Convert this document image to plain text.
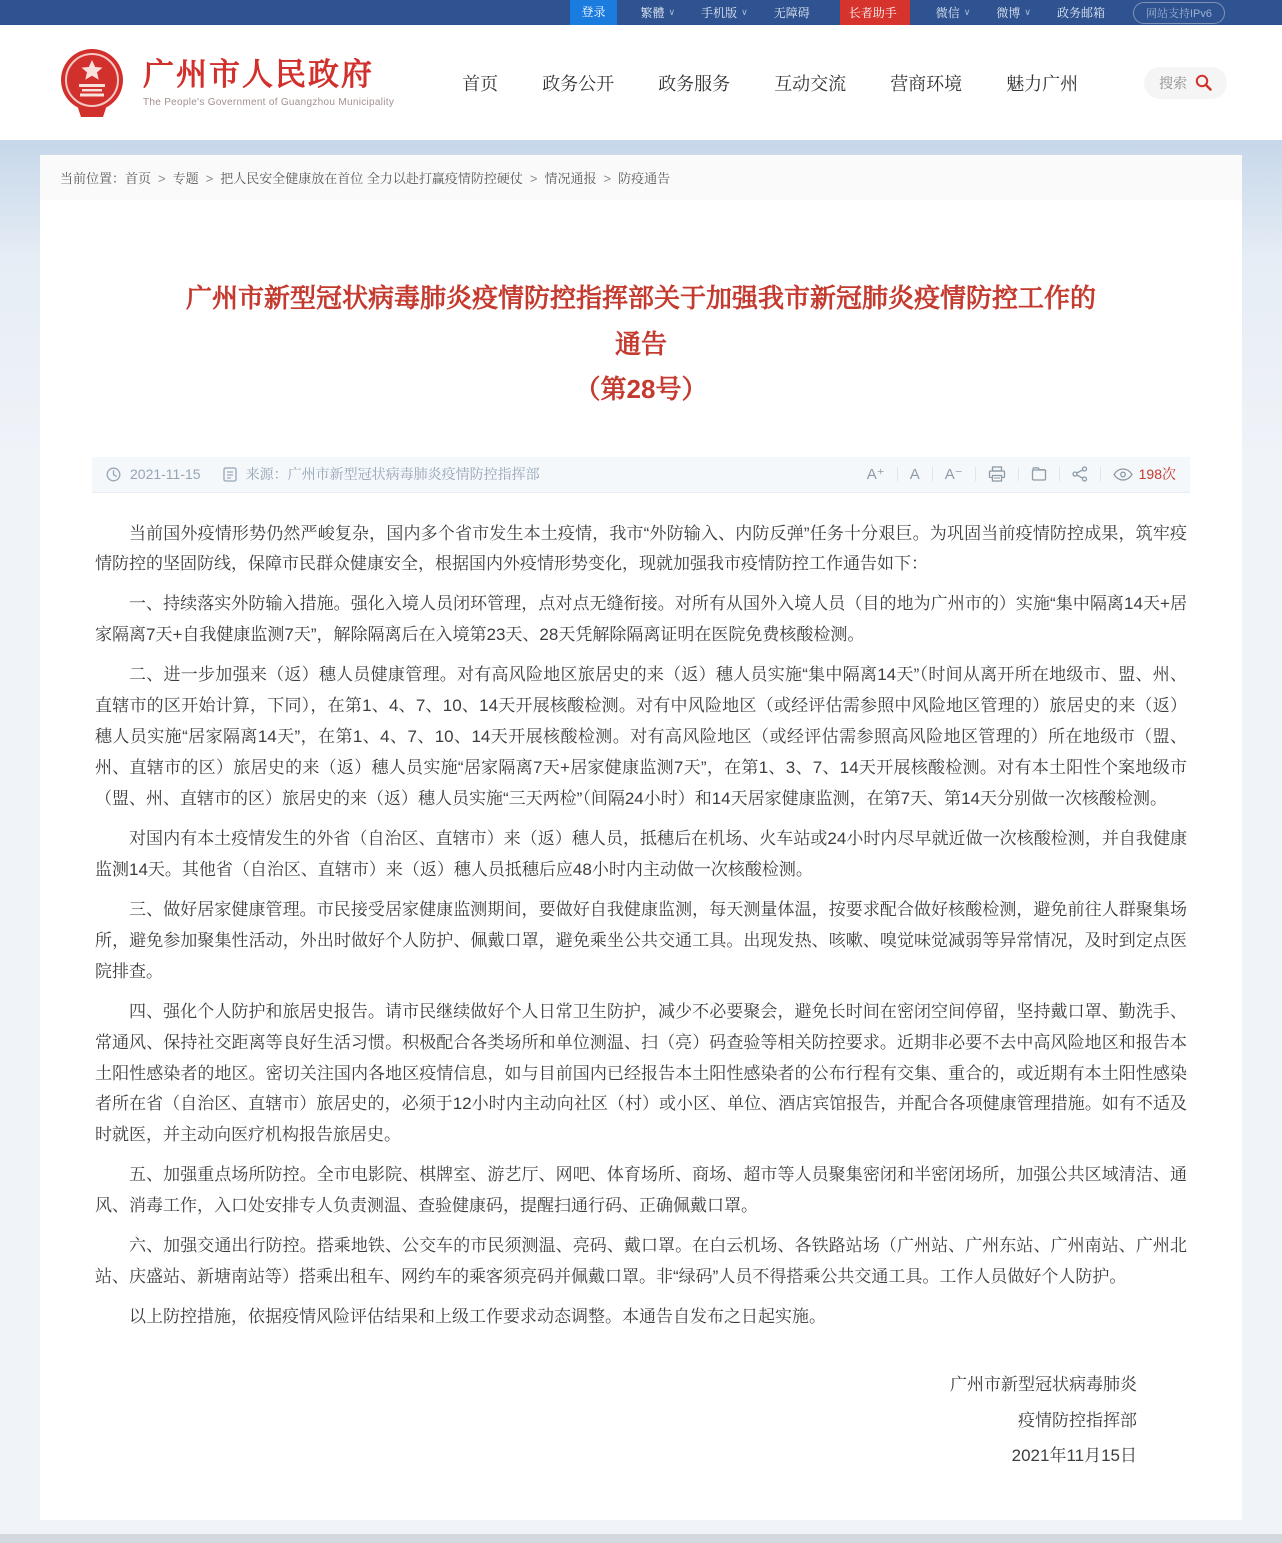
登录	繁體 ∨ 手机版 ∨ 无障碍	长者助手	微信 ∨ 微博 ∨ 政务邮箱	网站支持IPv6
广州市人民政府
The People's Government of Guangzhou Municipality
首页 政务公开 政务服务 互动交流 营商环境 魅力广州	搜索
当前位置：首页 > 专题 > 把人民安全健康放在首位 全力以赴打赢疫情防控硬仗 > 情况通报 > 防疫通告
广州市新型冠状病毒肺炎疫情防控指挥部关于加强我市新冠肺炎疫情防控工作的通告
（第28号）
2021-11-15	来源：广州市新型冠状病毒肺炎疫情防控指挥部	A⁺	A	A⁻	198次

当前国外疫情形势仍然严峻复杂，国内多个省市发生本土疫情，我市“外防输入、内防反弹”任务十分艰巨。为巩固当前疫情防控成果，筑牢疫情防控的坚固防线，保障市民群众健康安全，根据国内外疫情形势变化，现就加强我市疫情防控工作通告如下：

一、持续落实外防输入措施。强化入境人员闭环管理，点对点无缝衔接。对所有从国外入境人员（目的地为广州市的）实施“集中隔离14天+居家隔离7天+自我健康监测7天”，解除隔离后在入境第23天、28天凭解除隔离证明在医院免费核酸检测。

二、进一步加强来（返）穗人员健康管理。对有高风险地区旅居史的来（返）穗人员实施“集中隔离14天”（时间从离开所在地级市、盟、州、直辖市的区开始计算，下同），在第1、4、7、10、14天开展核酸检测。对有中风险地区（或经评估需参照中风险地区管理的）旅居史的来（返）穗人员实施“居家隔离14天”，在第1、4、7、10、14天开展核酸检测。对有高风险地区（或经评估需参照高风险地区管理的）所在地级市（盟、州、直辖市的区）旅居史的来（返）穗人员实施“居家隔离7天+居家健康监测7天”，在第1、3、7、14天开展核酸检测。对有本土阳性个案地级市（盟、州、直辖市的区）旅居史的来（返）穗人员实施“三天两检”（间隔24小时）和14天居家健康监测，在第7天、第14天分别做一次核酸检测。

对国内有本土疫情发生的外省（自治区、直辖市）来（返）穗人员，抵穗后在机场、火车站或24小时内尽早就近做一次核酸检测，并自我健康监测14天。其他省（自治区、直辖市）来（返）穗人员抵穗后应48小时内主动做一次核酸检测。

三、做好居家健康管理。市民接受居家健康监测期间，要做好自我健康监测，每天测量体温，按要求配合做好核酸检测，避免前往人群聚集场所，避免参加聚集性活动，外出时做好个人防护、佩戴口罩，避免乘坐公共交通工具。出现发热、咳嗽、嗅觉味觉减弱等异常情况，及时到定点医院排查。

四、强化个人防护和旅居史报告。请市民继续做好个人日常卫生防护，减少不必要聚会，避免长时间在密闭空间停留，坚持戴口罩、勤洗手、常通风、保持社交距离等良好生活习惯。积极配合各类场所和单位测温、扫（亮）码查验等相关防控要求。近期非必要不去中高风险地区和报告本土阳性感染者的地区。密切关注国内各地区疫情信息，如与目前国内已经报告本土阳性感染者的公布行程有交集、重合的，或近期有本土阳性感染者所在省（自治区、直辖市）旅居史的，必须于12小时内主动向社区（村）或小区、单位、酒店宾馆报告，并配合各项健康管理措施。如有不适及时就医，并主动向医疗机构报告旅居史。

五、加强重点场所防控。全市电影院、棋牌室、游艺厅、网吧、体育场所、商场、超市等人员聚集密闭和半密闭场所，加强公共区域清洁、通风、消毒工作，入口处安排专人负责测温、查验健康码，提醒扫通行码、正确佩戴口罩。

六、加强交通出行防控。搭乘地铁、公交车的市民须测温、亮码、戴口罩。在白云机场、各铁路站场（广州站、广州东站、广州南站、广州北站、庆盛站、新塘南站等）搭乘出租车、网约车的乘客须亮码并佩戴口罩。非“绿码”人员不得搭乘公共交通工具。工作人员做好个人防护。

以上防控措施，依据疫情风险评估结果和上级工作要求动态调整。本通告自发布之日起实施。

广州市新型冠状病毒肺炎
疫情防控指挥部
2021年11月15日
